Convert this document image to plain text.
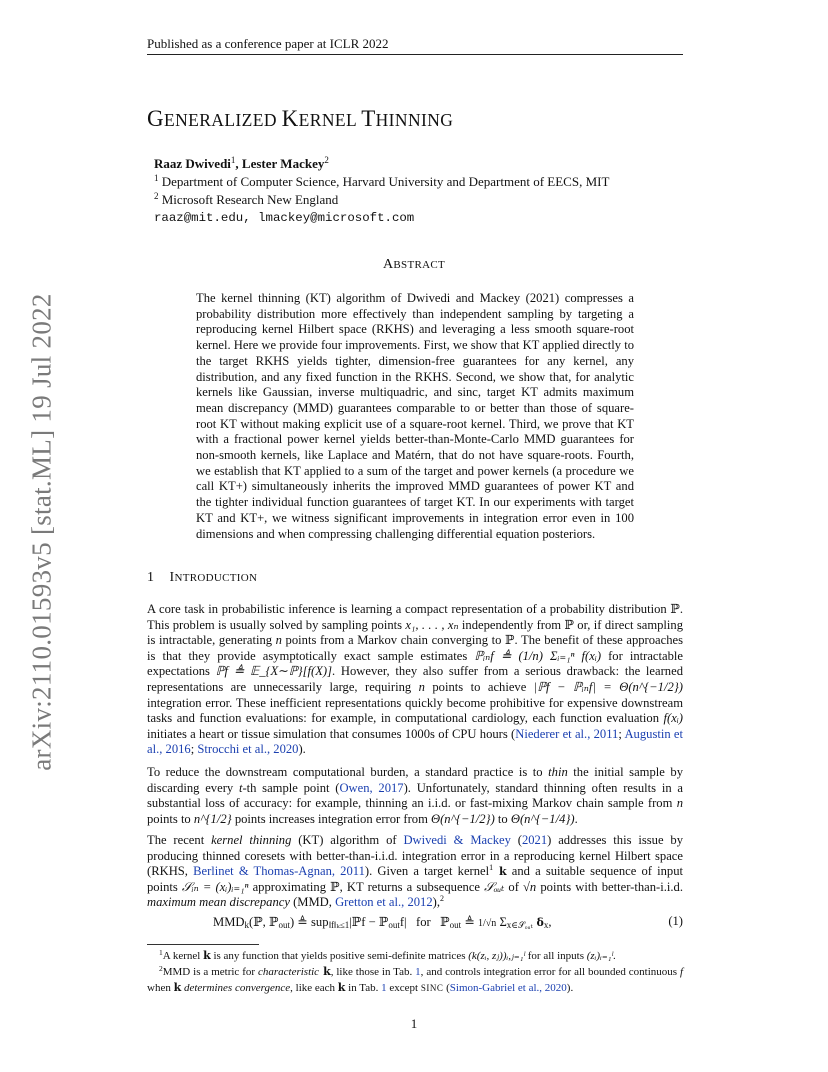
Published as a conference paper at ICLR 2022
arXiv:2110.01593v5 [stat.ML] 19 Jul 2022
GENERALIZED KERNEL THINNING
Raaz Dwivedi$^1$, Lester Mackey$^2$
$^1$ Department of Computer Science, Harvard University and Department of EECS, MIT
$^2$ Microsoft Research New England
raaz@mit.edu, lmackey@microsoft.com
ABSTRACT
The kernel thinning (KT) algorithm of Dwivedi and Mackey (2021) compresses a probability distribution more effectively than independent sampling by targeting a reproducing kernel Hilbert space (RKHS) and leveraging a less smooth square-root kernel. Here we provide four improvements. First, we show that KT applied directly to the target RKHS yields tighter, dimension-free guarantees for any kernel, any distribution, and any fixed function in the RKHS. Second, we show that, for analytic kernels like Gaussian, inverse multiquadric, and sinc, target KT admits maximum mean discrepancy (MMD) guarantees comparable to or better than those of square-root KT without making explicit use of a square-root kernel. Third, we prove that KT with a fractional power kernel yields better-than-Monte-Carlo MMD guarantees for non-smooth kernels, like Laplace and Matérn, that do not have square-roots. Fourth, we establish that KT applied to a sum of the target and power kernels (a procedure we call KT+) simultaneously inherits the improved MMD guarantees of power KT and the tighter individual function guarantees of target KT. In our experiments with target KT and KT+, we witness significant improvements in integration error even in 100 dimensions and when compressing challenging differential equation posteriors.
1 INTRODUCTION

A core task in probabilistic inference is learning a compact representation of a probability distribution ℙ. This problem is usually solved by sampling points x₁, . . . , xₙ independently from ℙ or, if direct sampling is intractable, generating n points from a Markov chain converging to ℙ. The benefit of these approaches is that they provide asymptotically exact sample estimates ℙᵢₙf ≜ (1/n) Σᵢ₌₁ⁿ f(xᵢ) for intractable expectations ℙf ≜ 𝔼_{X∼ℙ}[f(X)]. However, they also suffer from a serious drawback: the learned representations are unnecessarily large, requiring n points to achieve |ℙf − ℙᵢₙf| = Θ(n^{−1/2}) integration error. These inefficient representations quickly become prohibitive for expensive downstream tasks and function evaluations: for example, in computational cardiology, each function evaluation f(xᵢ) initiates a heart or tissue simulation that consumes 1000s of CPU hours (Niederer et al., 2011; Augustin et al., 2016; Strocchi et al., 2020).

To reduce the downstream computational burden, a standard practice is to thin the initial sample by discarding every t-th sample point (Owen, 2017). Unfortunately, standard thinning often results in a substantial loss of accuracy: for example, thinning an i.i.d. or fast-mixing Markov chain sample from n points to n^{1/2} points increases integration error from Θ(n^{−1/2}) to Θ(n^{−1/4}).

The recent kernel thinning (KT) algorithm of Dwivedi & Mackey (2021) addresses this issue by producing thinned coresets with better-than-i.i.d. integration error in a reproducing kernel Hilbert space (RKHS, Berlinet & Thomas-Agnan, 2011). Given a target kernel$^1$ k and a suitable sequence of input points 𝒮ᵢₙ = (xᵢ)ᵢ₌₁ⁿ approximating ℙ, KT returns a subsequence 𝒮ₒᵤₜ of √n points with better-than-i.i.d. maximum mean discrepancy (MMD, Gretton et al., 2012),$^2$

$MMD_k(ℙ$, ℙ$_{out}$) ≜ sup$_{‖f‖_k\le 1}$|ℙf − ℙ$_{out}$f| for ℙ$_{out}$ ≜ 1/√n $\Sigma_{x\in 𝒮_oᵤ_t}$ $\delta_x$,	(1)

$^1$A kernel k is any function that yields positive semi-definite matrices (k(zᵢ, zⱼ))ᵢ,ⱼ₌₁ˡ for all inputs (zᵢ)ᵢ₌₁ˡ.

$^2$MMD is a metric for characteristic k, like those in Tab. 1, and controls integration error for all bounded continuous f when k determines convergence, like each k in Tab. 1 except SINC (Simon-Gabriel et al., 2020).

1
